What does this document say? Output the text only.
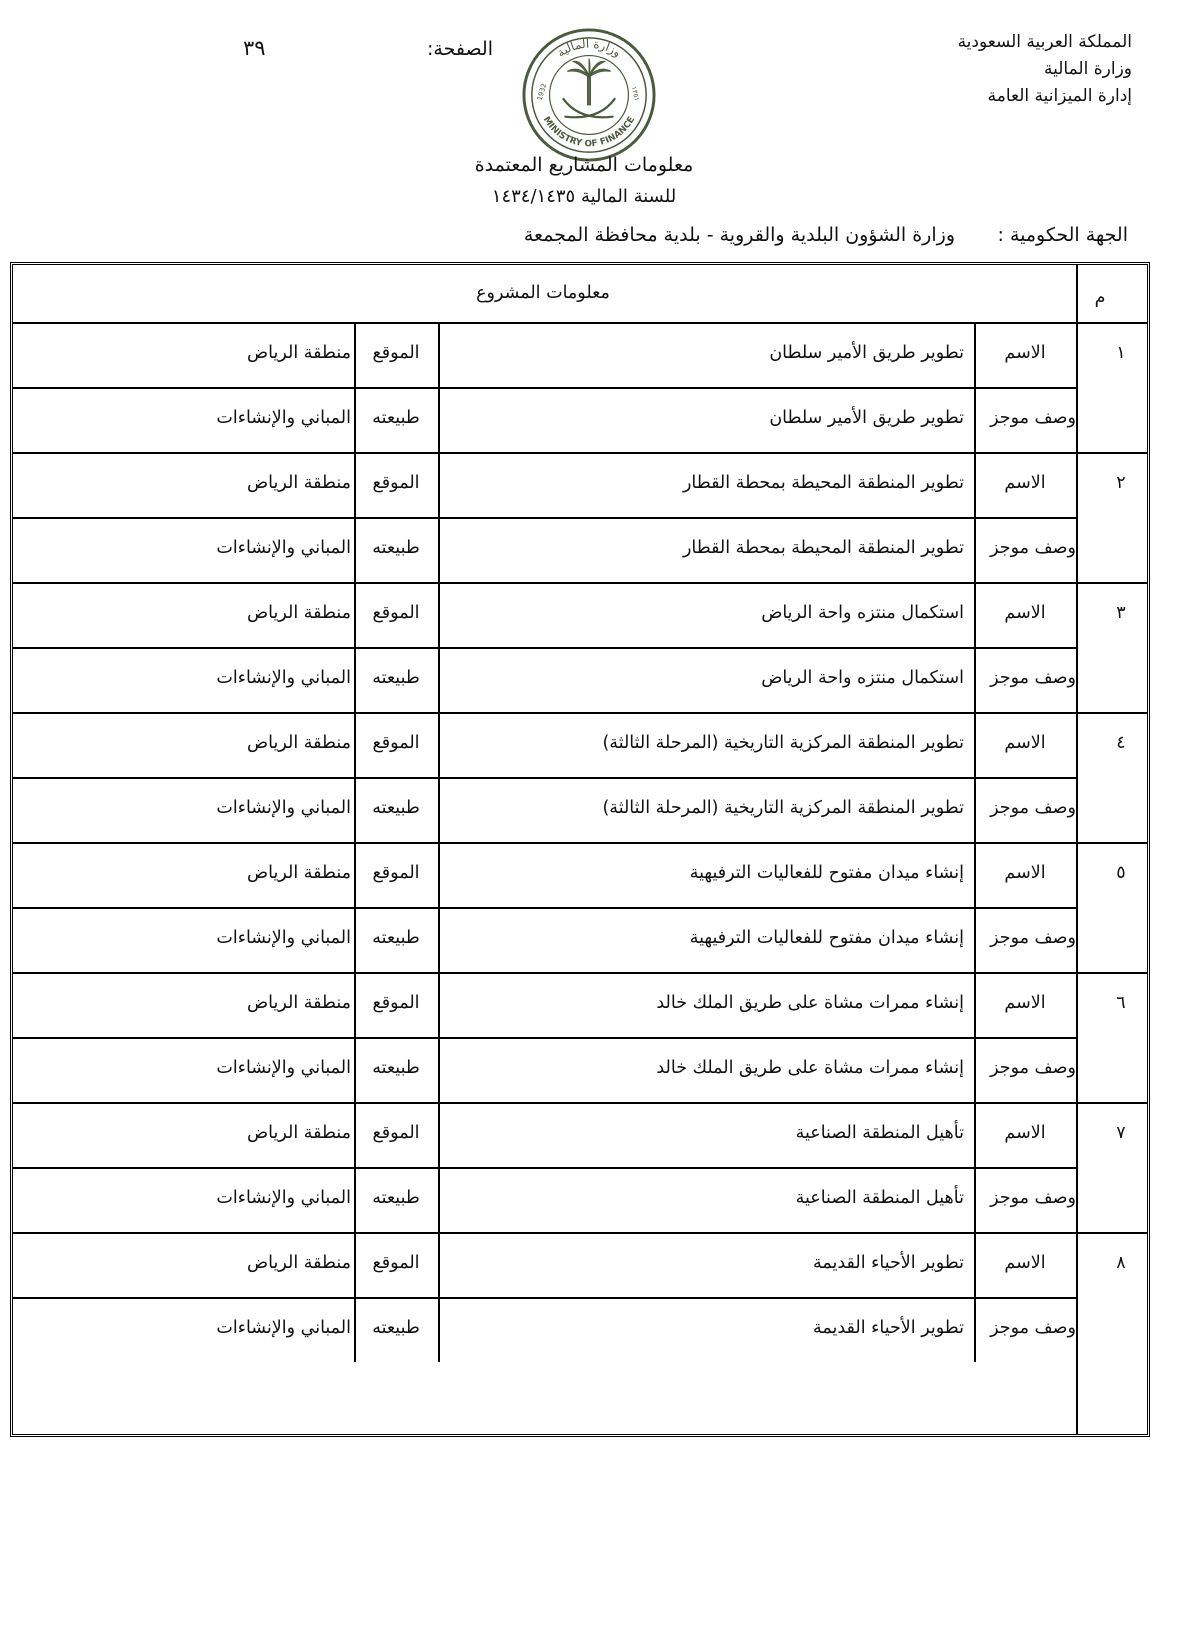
المملكة العربية السعودية
وزارة المالية
إدارة الميزانية العامة
الصفحة:
٣٩	وزارة المالية
MINISTRY OF FINANCE
1932	١٣٥١
معلومات المشاريع المعتمدة
للسنة المالية ١٤٣٤/١٤٣٥
الجهة الحكومية :
وزارة الشؤون البلدية والقروية - بلدية محافظة المجمعة
م
معلومات المشروع
١
الاسم
وصف موجز
تطوير طريق الأمير سلطان
تطوير طريق الأمير سلطان
الموقع
طبيعته
منطقة الرياض
المباني والإنشاءات
٢
الاسم
وصف موجز
تطوير المنطقة المحيطة بمحطة القطار
تطوير المنطقة المحيطة بمحطة القطار
الموقع
طبيعته
منطقة الرياض
المباني والإنشاءات
٣
الاسم
وصف موجز
استكمال منتزه واحة الرياض
استكمال منتزه واحة الرياض
الموقع
طبيعته
منطقة الرياض
المباني والإنشاءات
٤
الاسم
وصف موجز
تطوير المنطقة المركزية التاريخية (المرحلة الثالثة)
تطوير المنطقة المركزية التاريخية (المرحلة الثالثة)
الموقع
طبيعته
منطقة الرياض
المباني والإنشاءات
٥
الاسم
وصف موجز
إنشاء ميدان مفتوح للفعاليات الترفيهية
إنشاء ميدان مفتوح للفعاليات الترفيهية
الموقع
طبيعته
منطقة الرياض
المباني والإنشاءات
٦
الاسم
وصف موجز
إنشاء ممرات مشاة على طريق الملك خالد
إنشاء ممرات مشاة على طريق الملك خالد
الموقع
طبيعته
منطقة الرياض
المباني والإنشاءات
٧
الاسم
وصف موجز
تأهيل المنطقة الصناعية
تأهيل المنطقة الصناعية
الموقع
طبيعته
منطقة الرياض
المباني والإنشاءات
٨
الاسم
وصف موجز
تطوير الأحياء القديمة
تطوير الأحياء القديمة
الموقع
طبيعته
منطقة الرياض
المباني والإنشاءات
